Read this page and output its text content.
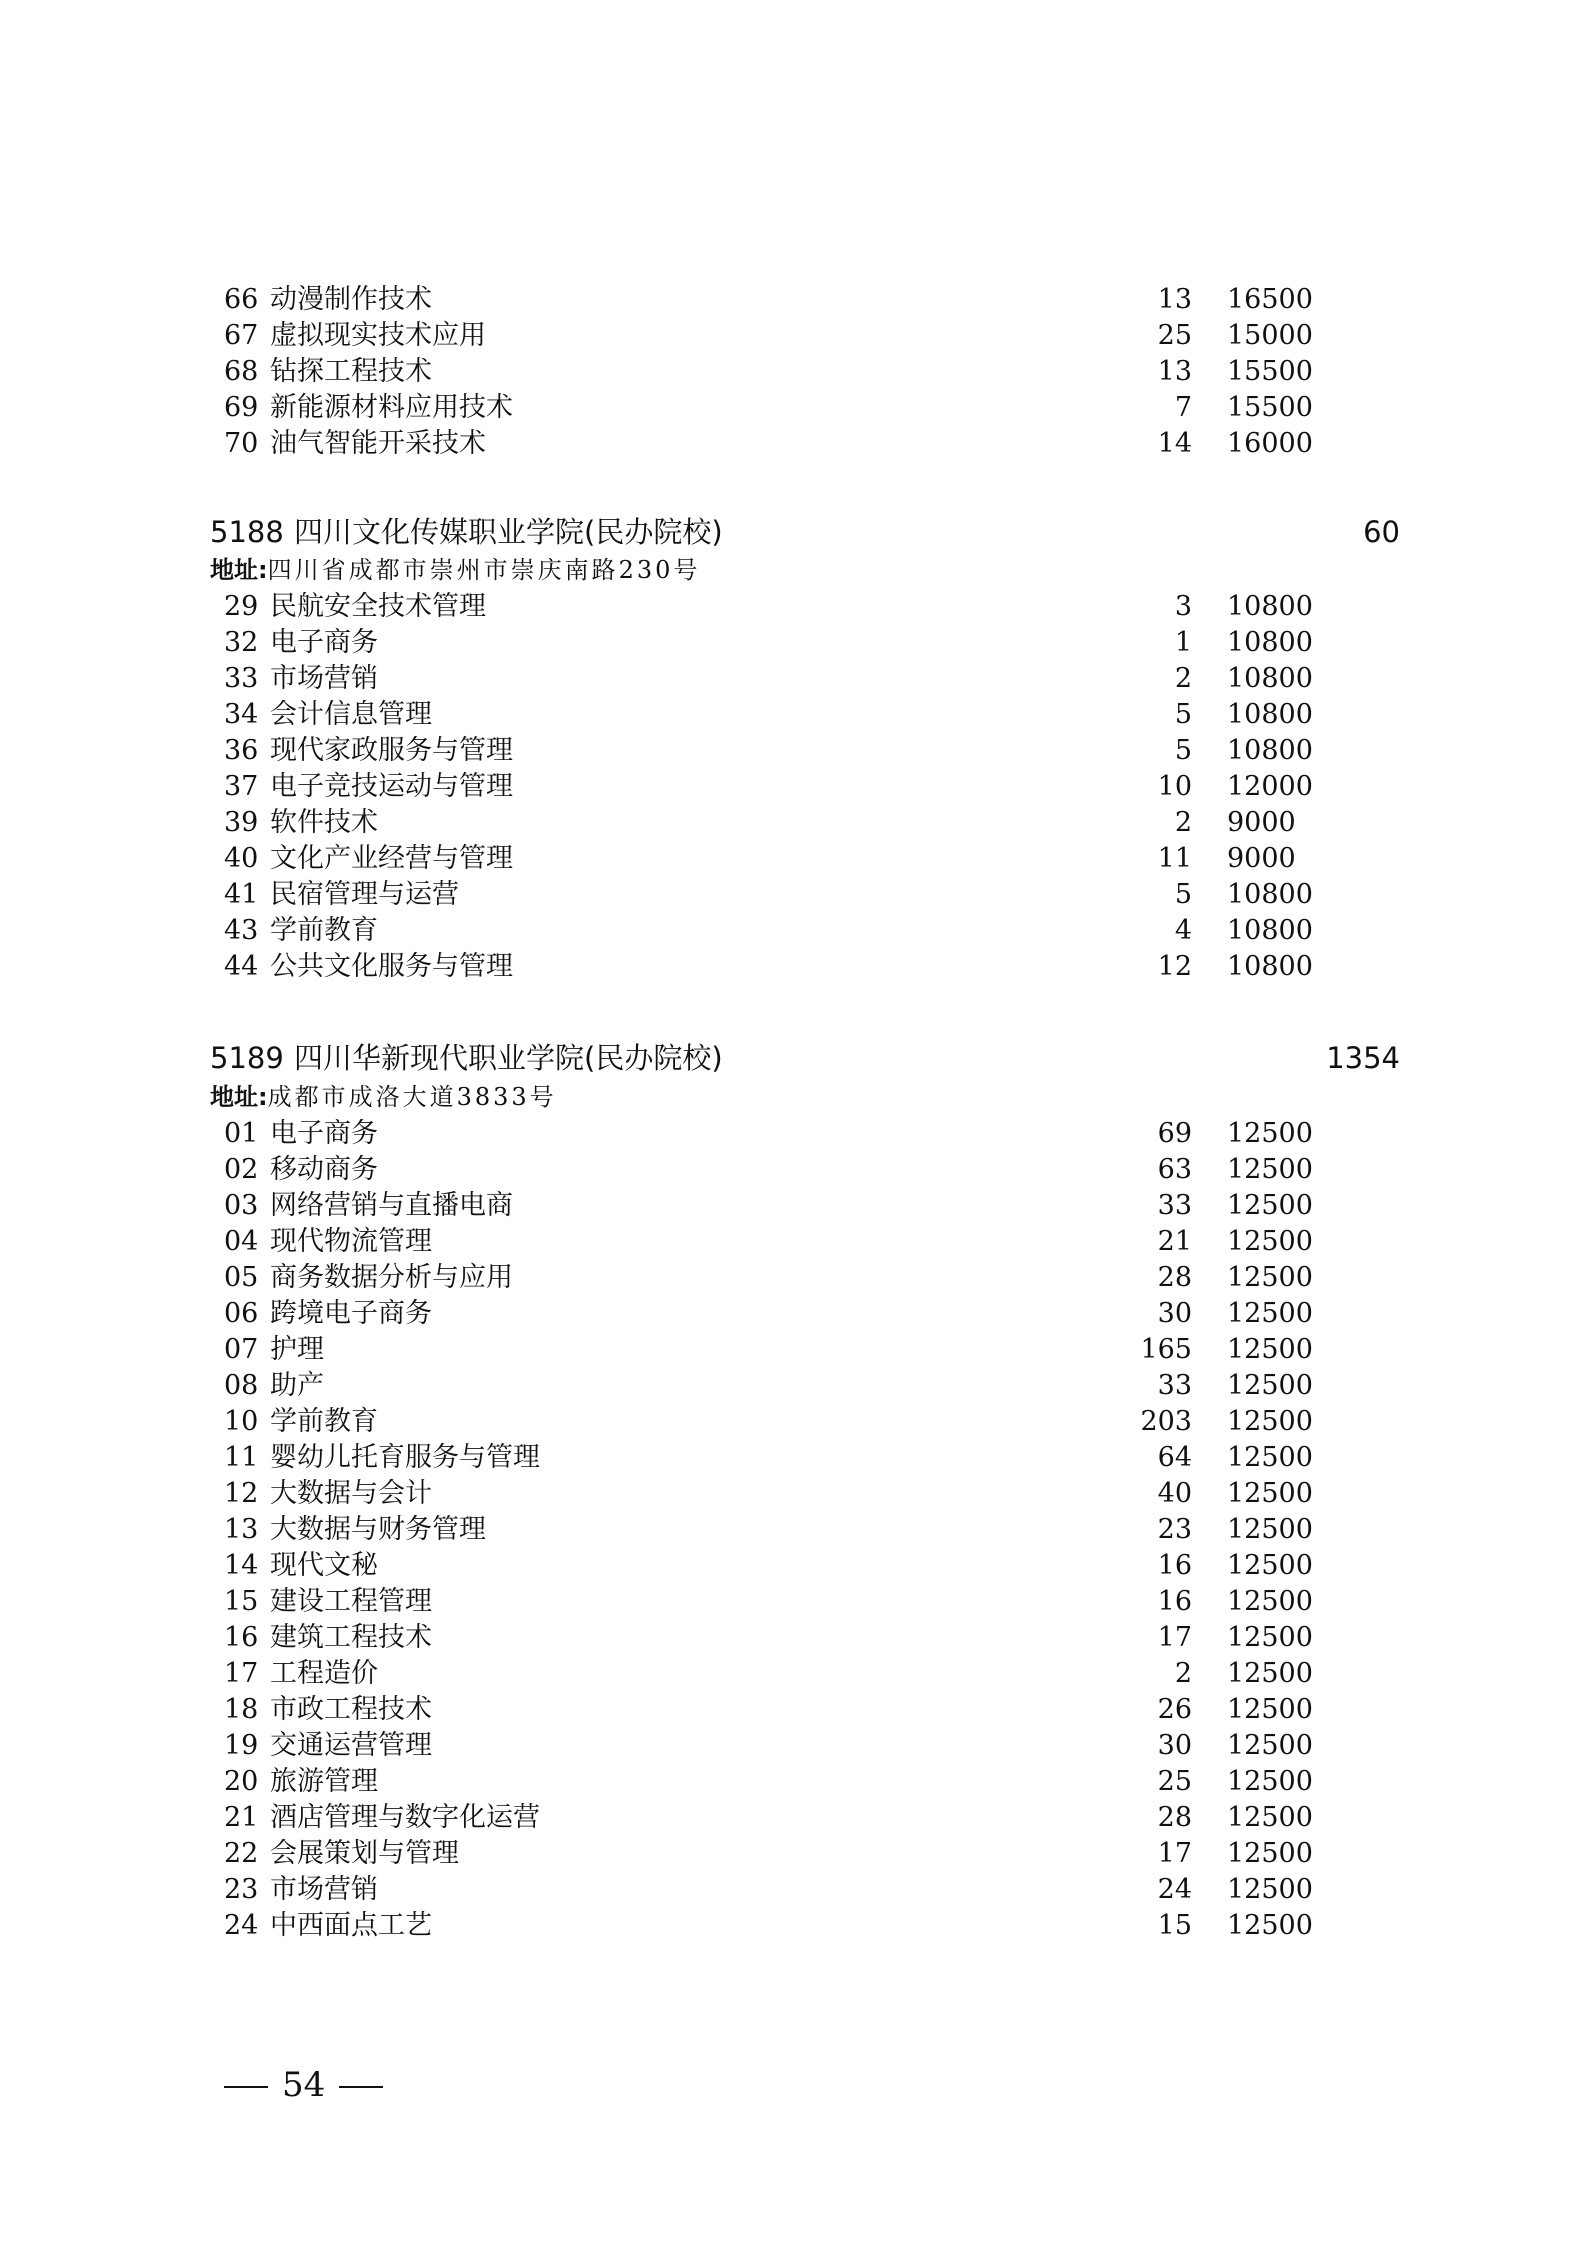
66 动漫制作技术	13 16500
67 虚拟现实技术应用	25 15000
68 钻探工程技术	13 15500
69 新能源材料应用技术	7 15500
70 油气智能开采技术	14 16000
5188 四川文化传媒职业学院(民办院校)	60
地址:四川省成都市崇州市崇庆南路230号
29 民航安全技术管理	3 10800
32 电子商务	1 10800
33 市场营销	2 10800
34 会计信息管理	5 10800
36 现代家政服务与管理	5 10800
37 电子竞技运动与管理	10 12000
39 软件技术	2 9000
40 文化产业经营与管理	11 9000
41 民宿管理与运营	5 10800
43 学前教育	4 10800
44 公共文化服务与管理	12 10800
5189 四川华新现代职业学院(民办院校)	1354
地址:成都市成洛大道3833号
01 电子商务	69 12500
02 移动商务	63 12500
03 网络营销与直播电商	33 12500
04 现代物流管理	21 12500
05 商务数据分析与应用	28 12500
06 跨境电子商务	30 12500
07 护理	165 12500
08 助产	33 12500
10 学前教育	203 12500
11 婴幼儿托育服务与管理	64 12500
12 大数据与会计	40 12500
13 大数据与财务管理	23 12500
14 现代文秘	16 12500
15 建设工程管理	16 12500
16 建筑工程技术	17 12500
17 工程造价	2 12500
18 市政工程技术	26 12500
19 交通运营管理	30 12500
20 旅游管理	25 12500
21 酒店管理与数字化运营	28 12500
22 会展策划与管理	17 12500
23 市场营销	24 12500
24 中西面点工艺	15 12500
54
